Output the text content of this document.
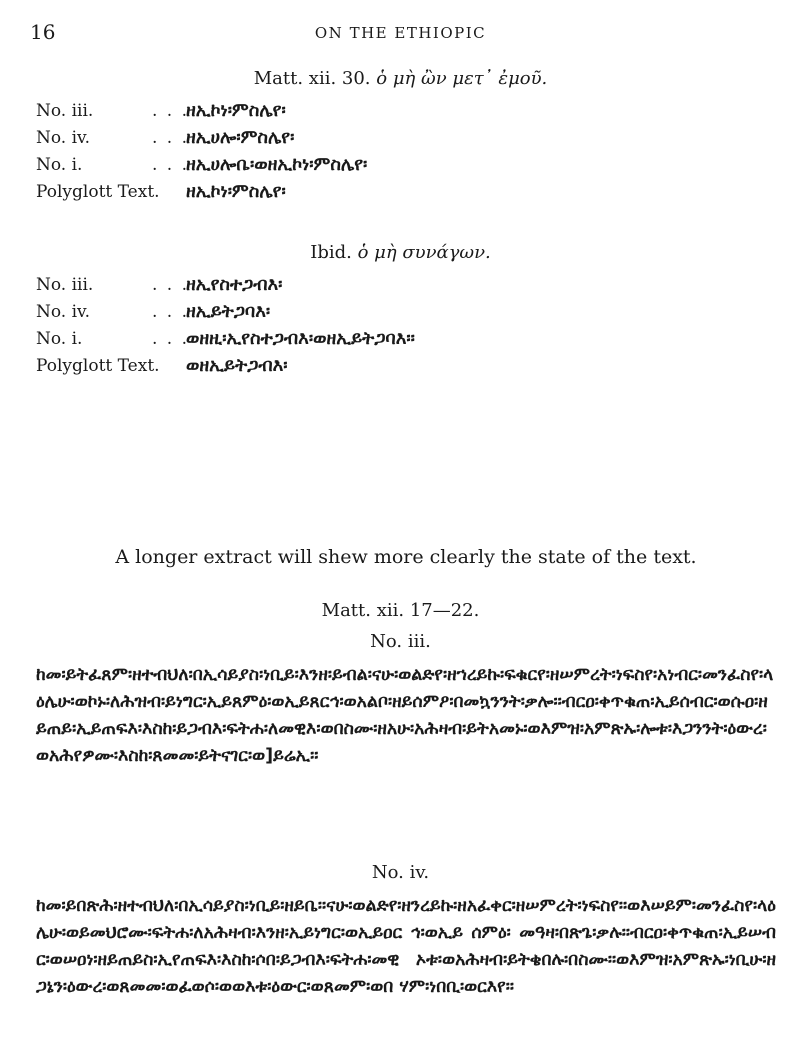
16	ON THE ETHIOPIC
Matt. xii. 30. ὁ μὴ ὢν μετ᾽ ἐμοῦ.
No. iii.	. . .ዘኢኮነ፡ምስሌየ፡
No. iv.	. . .ዘኢሀሎ፡ምስሌየ፡
No. i.	. . .ዘኢሀሎቤ፡ወዘኢኮነ፡ምስሌየ፡
Polyglott Text. ዘኢኮነ፡ምስሌየ፡
Ibid. ὁ μὴ συνάγων.
No. iii.	. . .ዘኢየስተጋብእ፡
No. iv.	. . .ዘኢይትጋባእ፡
No. i.	. . .ወዘዚ፡ኢየስተጋብእ፡ወዘኢይትጋባእ፡፡
Polyglott Text. ወዘኢይትጋብእ፡
A longer extract will shew more clearly the state of the text.
Matt. xii. 17—22.
No. iii.
ከመ፡ይትፈጸም፡ዘተብህለ፡በኢሳይያስ፡ነቢይ፡እንዘ፡ይብል፡ናሁ፡ወልድየ፡ዘኀረይኩ፡ፍቁርየ፡ዘሠምረት፡ነፍስየ፡አነብር፡መንፈስየ፡ላዕሌሁ፡ወኮኑ፡ለሕዝብ፡ይነግር፡ኢይጸምዕ፡ወኢይጸርኅ፡ወአልቦ፡ዘይሰምዖ፡በመኳንንት፡ቃሎ፡፡ብርዐ፡ቀጥቁጠ፡ኢይሰብር፡ወሱዐ፡ዘይጠይ፡ኢይጠፍእ፡እስከ፡ይጋብእ፡ፍትሐ፡ለመዊእ፡ወበስሙ፡ዘአሁ፡አሕዛብ፡ይትአመኑ፡ወእምዝ፡አምጽኡ፡ሎቱ፡እጋንንት፡ዕውረ፡ወአሕየዎሙ፡እስከ፡ጸመመ፡ይትናገር፡ወ]ይሬኢ፡፡
No. iv.
ከመ፡ይበጽሕ፡ዘተብህለ፡በኢሳይያስ፡ነቢይ፡ዘይቤ፡፡ናሁ፡ወልድየ፡ዘንረይኩ፡ዘአፈቀር፡ዘሠምረት፡ነፍስየ፡፡ወእሠይም፡መንፈስየ፡ላዕሌሁ፡ወይመህሮሙ፡ፍትሐ፡ለአሕዛብ፡እንዘ፡ኢይነግር፡ወኢይዐር ኅ፡ወኢይ ሰምዕ፡ መዓዛ፡በጽጌ፡ቃሉ፡፡ብርዐ፡ቀጥቁጠ፡ኢይሠብር፡ወሠዐነ፡ዘይጠይስ፡ኢየጠፍእ፡እስከ፡ሶበ፡ይጋብእ፡ፍትሐ፡መዊ ኦቱ፡ወአሕዛብ፡ይትቄበሉ፡በስሙ፡፡ወእምዝ፡አምጽኡ፡ነቢሁ፡ዘ ጋኔን፡ዕውረ፡ወጸመመ፡ወፈወሶ፡ወወእቱ፡ዕውር፡ወጸመም፡ወበ ሃም፡ነበቢ፡ወርእየ፡፡
